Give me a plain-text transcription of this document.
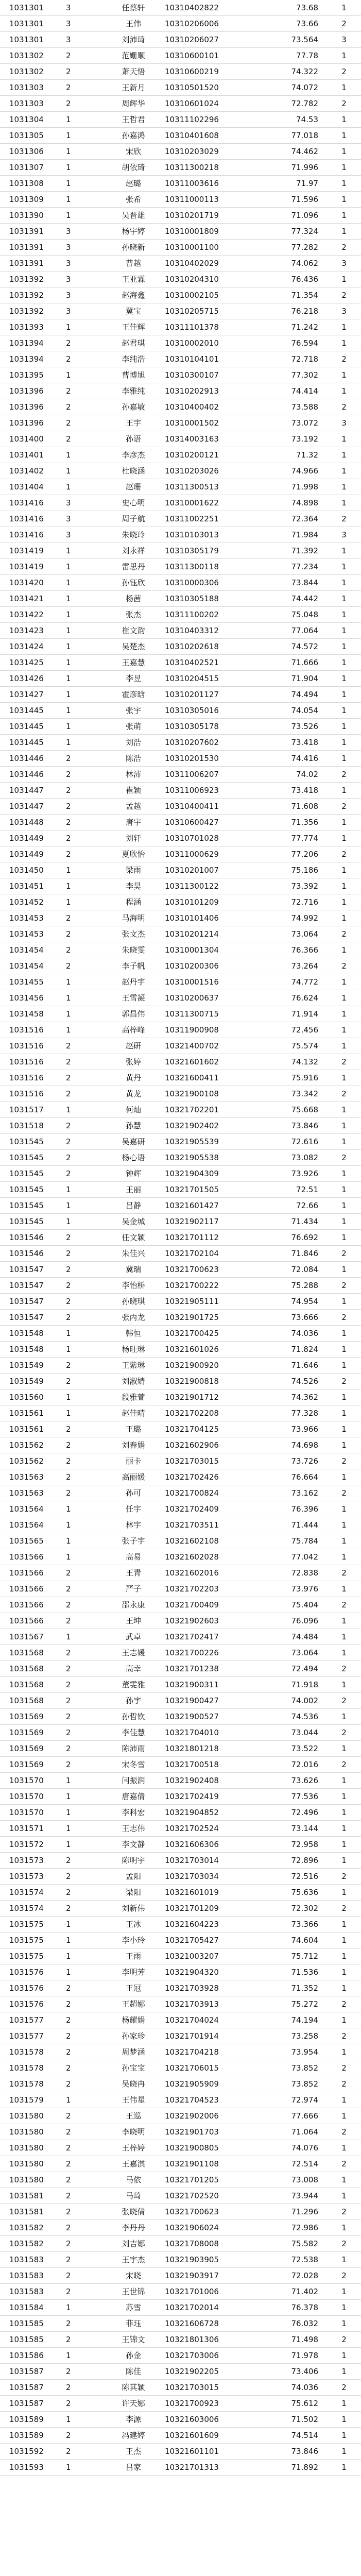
1031301	3	任蔡轩	10310402822	73.68	1
1031301	3	王伟	10310206006	73.66	2
1031301	3	刘沛琦	10310206027	73.564	3
1031302	2	范姗顺	10310600101	77.78	1
1031302	2	萧天悟	10310600219	74.322	2
1031303	2	王新月	10310501520	74.072	1
1031303	2	周辉华	10310601024	72.782	2
1031304	1	王哲君	10311102296	74.53	1
1031305	1	孙嘉鸿	10310401608	77.018	1
1031306	1	宋欣	10310203029	74.462	1
1031307	1	胡依琦	10311300218	71.996	1
1031308	1	赵璐	10311003616	71.97	1
1031309	1	张希	10311000113	71.596	1
1031390	1	吴晋雄	10310201719	71.096	1
1031391	3	杨宇婷	10310001809	77.324	1
1031391	3	孙晓新	10310001100	77.282	2
1031391	3	曹越	10310402029	74.062	3
1031392	3	王亚霖	10310204310	76.436	1
1031392	3	赵海鑫	10310002105	71.354	2
1031392	3	冀宝	10310205715	76.218	3
1031393	1	王佳辉	10311101378	71.242	1
1031394	2	赵君琪	10310002010	76.594	1
1031394	2	李纯浩	10310104101	72.718	2
1031395	1	曹博旭	10310300107	77.302	1
1031396	2	李雅纯	10310202913	74.414	1
1031396	2	孙嘉敏	10310400402	73.588	2
1031396	2	王宇	10310001502	73.072	3
1031400	2	孙语	10314003163	73.192	1
1031401	1	李彦杰	10310200121	71.32	1
1031402	1	杜晓涵	10310203026	74.966	1
1031404	1	赵珊	10311300513	71.998	1
1031416	3	史心明	10310001622	74.898	1
1031416	3	周子航	10311002251	72.364	2
1031416	3	朱晓玲	10310103013	71.984	3
1031419	1	刘永祥	10310305179	71.392	1
1031419	1	雷思丹	10311300118	77.234	1
1031420	1	孙钰欣	10310000306	73.844	1
1031421	1	杨茜	10310305188	74.442	1
1031422	1	张杰	10311100202	75.048	1
1031423	1	崔文韵	10310403312	77.064	1
1031424	1	吴楚杰	10310202618	74.572	1
1031425	1	王嘉慧	10310402521	71.666	1
1031426	1	李昱	10310204515	71.904	1
1031427	1	霍彦晗	10310201127	74.494	1
1031445	1	张宇	10310305016	74.054	1
1031445	1	张萌	10310305178	73.526	1
1031445	1	刘浩	10310207602	73.418	1
1031446	2	陈浩	10310201530	74.416	1
1031446	2	林沛	10311006207	74.02	2
1031447	2	崔颖	10311006923	73.418	1
1031447	2	孟越	10310400411	71.608	2
1031448	2	唐宇	10310600427	71.356	1
1031449	2	刘轩	10310701028	77.774	1
1031449	2	夏欣怡	10311000629	77.206	2
1031450	1	梁雨	10310201007	75.186	1
1031451	1	李昊	10311300122	73.392	1
1031452	1	程涵	10310101209	72.716	1
1031453	2	马海明	10310101406	74.992	1
1031453	2	张文杰	10310201214	73.064	2
1031454	2	朱晓雯	10310001304	76.366	1
1031454	2	李子帆	10310200306	73.264	2
1031455	1	赵丹宇	10310001516	74.772	1
1031456	1	王雪凝	10310200637	76.624	1
1031458	1	郭昌伟	10311300715	71.914	1
1031516	1	高梓峰	10311900908	72.456	1
1031516	2	赵研	10321400702	75.574	1
1031516	2	张婷	10321601602	74.132	2
1031516	2	黄丹	10321600411	75.916	1
1031516	2	黄龙	10321900108	73.342	2
1031517	1	何灿	10321702201	75.668	1
1031518	2	孙慧	10321902402	73.846	1
1031545	2	吴嘉研	10321905539	72.616	1
1031545	2	杨心语	10321905538	73.082	2
1031545	2	钟辉	10321904309	73.926	1
1031545	1	王丽	10321701505	72.51	1
1031545	1	吕静	10321601427	72.66	1
1031545	1	吴金城	10321902117	71.434	1
1031546	2	任文颖	10321701112	76.692	1
1031546	2	朱佳兴	10321702104	71.846	2
1031547	2	冀瑞	10321700623	72.084	1
1031547	2	李怡桥	10321700222	75.288	2
1031547	2	孙晓琪	10321905111	74.954	1
1031547	2	张丙龙	10321901725	73.666	2
1031548	1	韩恒	10321700425	74.036	1
1031548	1	杨旺琳	10321601026	71.824	1
1031549	2	王紫琳	10321900920	71.646	1
1031549	2	刘淑婧	10321900818	74.526	2
1031560	1	段雅萱	10321901712	74.362	1
1031561	1	赵佳晴	10321702208	77.328	1
1031561	2	王璐	10321704125	73.966	1
1031562	2	刘春娟	10321602906	74.698	1
1031562	2	丽卡	10321703015	73.726	2
1031563	2	高丽媛	10321702426	76.664	1
1031563	2	孙可	10321700824	73.162	2
1031564	1	任宇	10321702409	76.396	1
1031564	1	林宇	10321703511	71.444	1
1031565	1	张子宇	10321602108	75.784	1
1031566	1	高易	10321602028	77.042	1
1031566	2	王青	10321602016	72.838	2
1031566	2	严子	10321702203	73.976	1
1031566	2	邵永康	10321700409	75.404	2
1031566	2	王坤	10321902603	76.096	1
1031567	1	武卓	10321702417	74.484	1
1031568	2	王志媛	10321700226	73.064	1
1031568	2	高幸	10321701238	72.494	2
1031568	2	董雯雅	10321900311	71.918	1
1031568	2	孙宇	10321900427	74.002	2
1031569	2	孙哲钦	10321900527	74.536	1
1031569	2	李佳慧	10321704010	73.044	2
1031569	2	陈沛雨	10321801218	73.522	1
1031569	2	宋冬雪	10321700518	72.016	2
1031570	1	闫振润	10321902408	73.626	1
1031570	1	唐嘉倩	10321702419	77.536	1
1031570	1	李科宏	10321904852	72.496	1
1031571	1	王志伟	10321702524	73.144	1
1031572	1	李文静	10321606306	72.958	1
1031573	2	陈明宇	10321703014	72.896	1
1031573	2	孟阳	10321703034	72.516	2
1031574	2	梁阳	10321601019	75.636	1
1031574	2	刘新伟	10321701209	72.302	2
1031575	1	王冰	10321604223	73.366	1
1031575	1	李小玲	10321705427	74.604	1
1031575	1	王雨	10321003207	75.712	1
1031576	1	李明芳	10321904320	71.536	1
1031576	2	王冠	10321703928	71.352	1
1031576	2	王超娜	10321703913	75.272	2
1031577	2	杨耀娟	10321704024	74.194	1
1031577	2	孙家珍	10321701914	73.258	2
1031578	2	周梦涵	10321704218	73.954	1
1031578	2	孙宝宝	10321706015	73.852	2
1031578	2	吴晓冉	10321905909	73.852	2
1031579	1	王伟星	10321704523	72.974	1
1031580	2	王巡	10321902006	77.666	1
1031580	2	李晓明	10321901703	71.064	2
1031580	2	王梓婷	10321900805	74.076	1
1031580	2	王嘉淇	10321901108	72.514	2
1031580	2	马依	10321701205	73.008	1
1031581	2	马琦	10321702520	73.944	1
1031581	2	张晓倩	10321700623	71.296	2
1031582	2	李丹丹	10321906024	72.986	1
1031582	2	刘吉娜	10321708008	75.582	2
1031583	2	王宇杰	10321903905	72.538	1
1031583	2	宋晓	10321903917	72.028	2
1031583	2	王世锦	10321701006	71.402	1
1031584	1	苏雪	10321702014	76.378	1
1031585	2	菲珏	10321606728	76.032	1
1031585	2	王锦文	10321801306	71.498	2
1031586	1	孙金	10321703006	71.978	1
1031587	2	陈佳	10321902205	73.406	1
1031587	2	陈其颖	10321703015	74.036	2
1031587	2	许天娜	10321700923	75.612	1
1031589	1	李源	10321603006	71.502	1
1031589	2	冯建婷	10321601609	74.514	1
1031592	2	王杰	10321601101	73.846	1
1031593	1	吕家	10321701313	71.892	1
